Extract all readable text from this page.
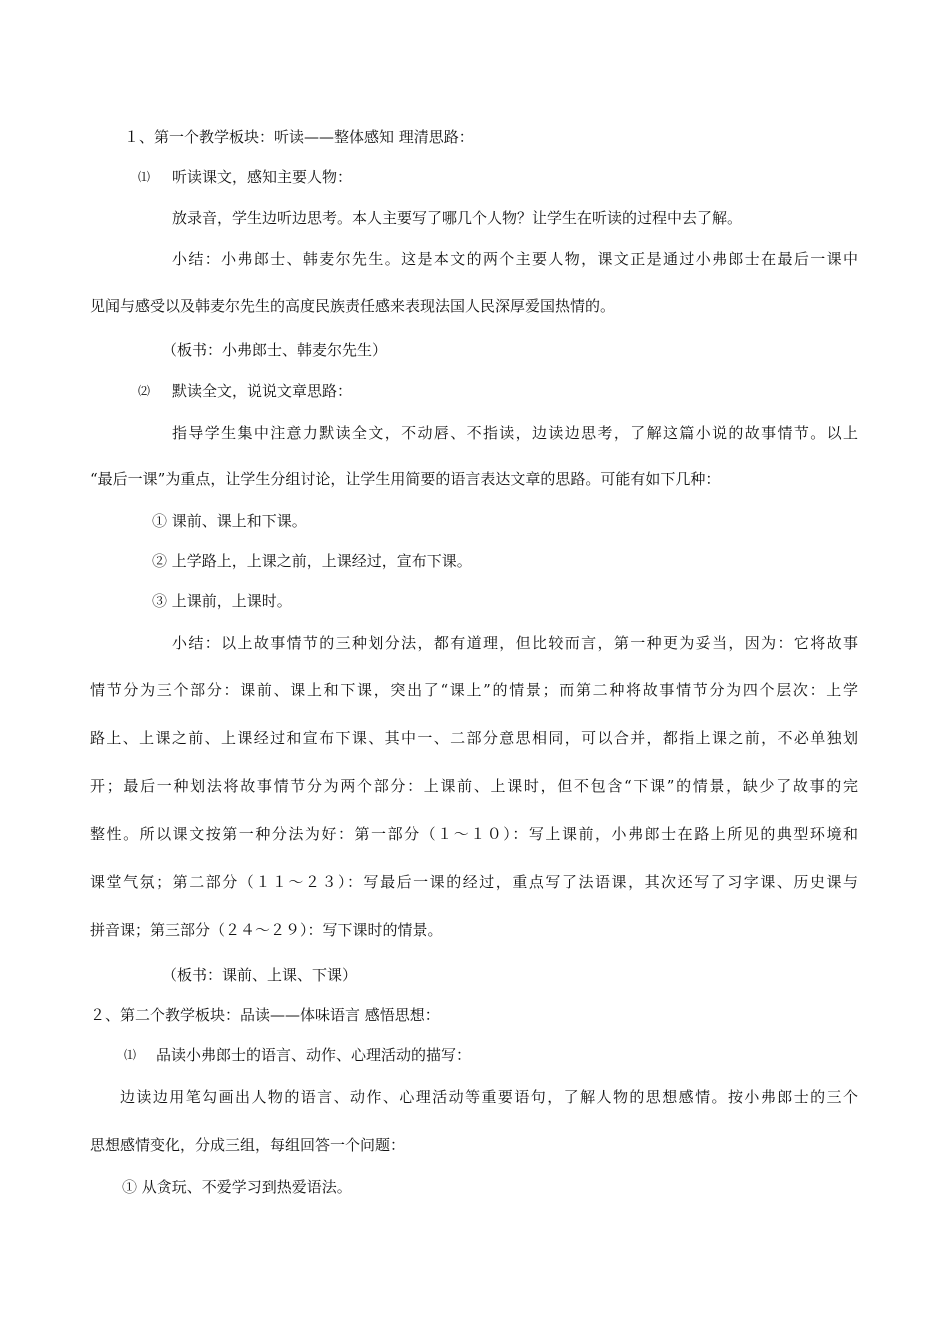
１、第一个教学板块：听读——整体感知 理清思路：
⑴ 听读课文，感知主要人物：
放录音，学生边听边思考。本人主要写了哪几个人物？让学生在听读的过程中去了解。
小结：小弗郎士、韩麦尔先生。这是本文的两个主要人物，课文正是通过小弗郎士在最后一课中
见闻与感受以及韩麦尔先生的高度民族责任感来表现法国人民深厚爱国热情的。
（板书：小弗郎士、韩麦尔先生）
⑵ 默读全文，说说文章思路：
指导学生集中注意力默读全文，不动唇、不指读，边读边思考，了解这篇小说的故事情节。以上
“最后一课”为重点，让学生分组讨论，让学生用简要的语言表达文章的思路。可能有如下几种：
① 课前、课上和下课。
② 上学路上，上课之前，上课经过，宣布下课。
③ 上课前，上课时。
小结：以上故事情节的三种划分法，都有道理，但比较而言，第一种更为妥当，因为：它将故事
情节分为三个部分：课前、课上和下课，突出了“课上”的情景；而第二种将故事情节分为四个层次：上学
路上、上课之前、上课经过和宣布下课、其中一、二部分意思相同，可以合并，都指上课之前，不必单独划
开；最后一种划法将故事情节分为两个部分：上课前、上课时，但不包含“下课”的情景，缺少了故事的完
整性。所以课文按第一种分法为好：第一部分（１～１０）：写上课前，小弗郎士在路上所见的典型环境和
课堂气氛；第二部分（１１～２３）：写最后一课的经过，重点写了法语课，其次还写了习字课、历史课与
拼音课；第三部分（２４～２９）：写下课时的情景。
（板书：课前、上课、下课）
２、第二个教学板块：品读——体味语言 感悟思想：
⑴ 品读小弗郎士的语言、动作、心理活动的描写：
边读边用笔勾画出人物的语言、动作、心理活动等重要语句，了解人物的思想感情。按小弗郎士的三个
思想感情变化，分成三组，每组回答一个问题：
① 从贪玩、不爱学习到热爱语法。
